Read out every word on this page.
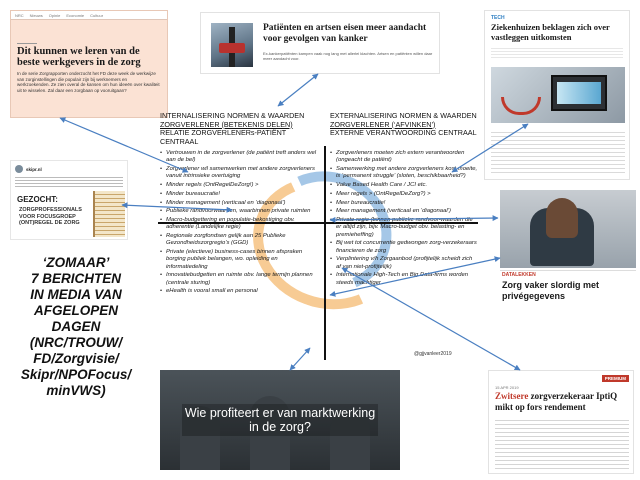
NRC Nieuws Opinie Economie Cultuur
Dit kunnen we leren van de beste werkgevers in de zorg

In de serie Zorgrapporten onderzocht het FD deze week de werkwijze van zorginstellingen die populair zijn bij werknemers en werkzoekenden. Ze zien overal de kansen om hun ideeën over kwaliteit uit te wisselen. Zal daar een zorgbaan op vooruitgaan?

Patiënten en artsen eisen meer aandacht voor gevolgen van kanker

Ex-kankerpatiënten kampen vaak nog lang met allerlei klachten. Artsen en patiënten willen daar meer aandacht voor.

TECH
Ziekenhuizen beklagen zich over vastleggen uitkomsten
skipr.nl
GEZOCHT:
ZORGPROFESSIONALS VOOR FOCUSGROEP (ONT)REGEL DE ZORG
‘ZOMAAR’
7 BERICHTEN
IN MEDIA VAN
AFGELOPEN
DAGEN
(NRC/TROUW/
FD/Zorgvisie/
Skipr/NPOFocus/
minVWS)
INTERNALISERING NORMEN & WAARDEN
ZORGVERLENER (BETEKENIS DELEN)
RELATIE ZORGVERLENERs-PATIËNT CENTRAAL
EXTERNALISERING NORMEN & WAARDEN
ZORGVERLENER (‘AFVINKEN’)
EXTERNE VERANTWOORDING CENTRAAL
• Vertrouwen in de zorgverlener (de patiënt treft anders wel aan de bel)
• Zorgverlener wil samenwerken met andere zorgverleners vanuit intrinsieke overtuiging
• Minder regels (OntRegelDeZorg!) >
• Minder bureaucratie!
• Minder management (verticaal en ‘diagonaal’)
• Publieke randvoorwaarden, waarbinnen private ruimten
• Macro-budgettering en populatie-bekostiging obv. adherentie (Landelijke regie)
• Regionale zorgfondsen gelijk aan 25 Publieke Gezondheidszorgregio’s (GGD)
• Private (electieve) business-cases binnen afspraken borging publiek belangen, wo. opleiding en informatiedeling
• Innovatiebudgetten en ruimte obv. lange termijn plannen (centrale sturing)
• eHealth is vooral small en personal
• Zorgverleners moeten zich extern verantwoorden (ongeacht de patiënt)
• Samenwerking met andere zorgverleners kost moeite, is ‘permanent struggle’ (sloten, beschikbaarheid?)
• Value Based Health Care / JCI etc.
• Meer regels > (OntRegelDeZorg?) >
• Meer bureaucratie!
• Meer management (verticaal en ‘diagonaal’)
• Private regie (binnen publieke randvoor-waarden die er altijd zijn, bijv. Macro-budget obv. belasting- en premieheffing)
• Bij wet tot concurrentie gedwongen zorg-verzekeraars financieren de zorg
• Verplintering v/h Zorgaanbod (profijtelijk scheidt zich af van niet-profijtelijk)
• Internationale High-Tech en Big Data-firms worden steeds machtiger
@gjjvanleer2019
Wie profiteert er van marktwerking in de zorg?
DATALEKKEN
Zorg vaker slordig met privégegevens
PREMIUM
15 APR 2019
Zwitsere zorgverzekeraar IptiQ mikt op fors rendement
